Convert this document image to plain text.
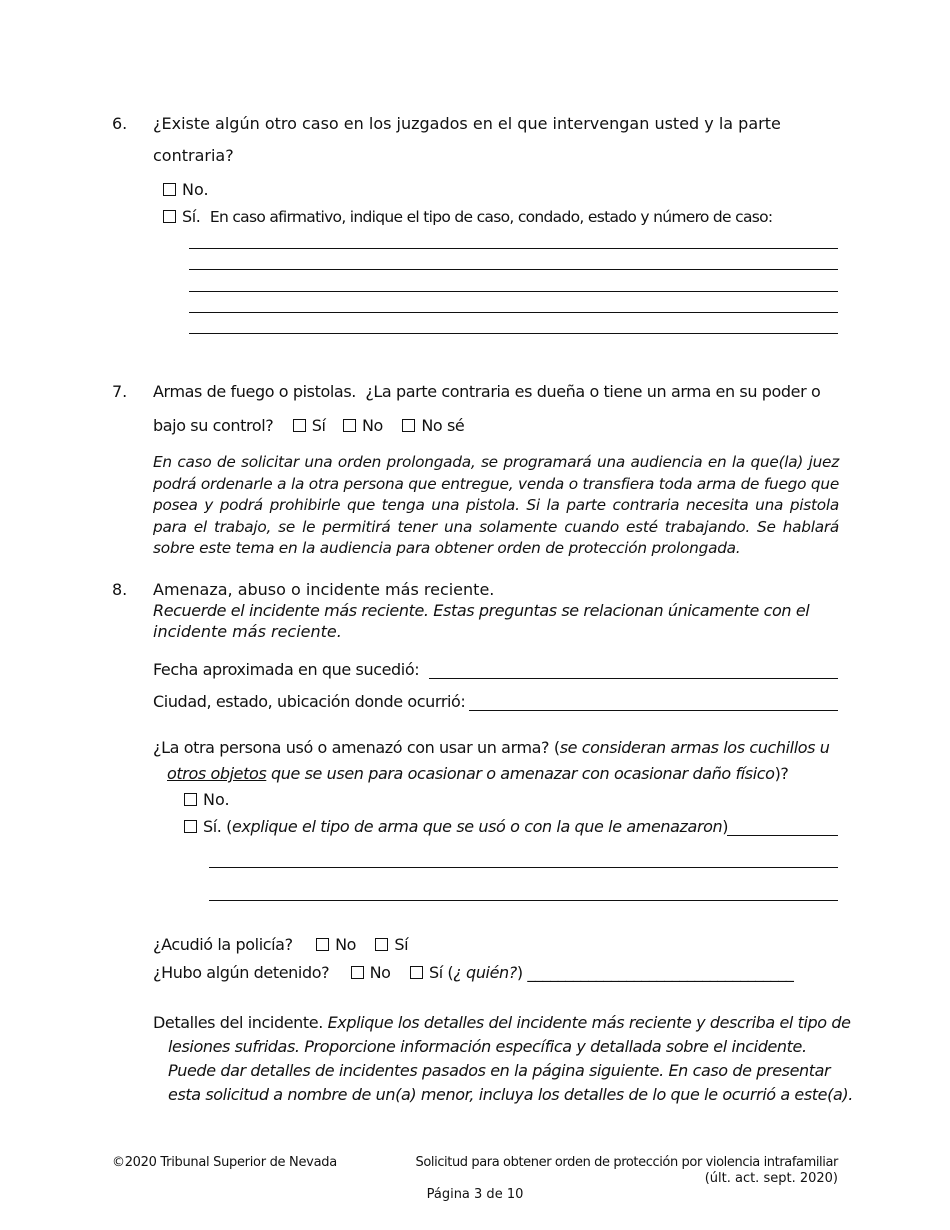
6. ¿Existe algún otro caso en los juzgados en el que intervengan usted y la parte
contraria?
No.
Sí. En caso afirmativo, indique el tipo de caso, condado, estado y número de caso:
7. Armas de fuego o pistolas. ¿La parte contraria es dueña o tiene un arma en su poder o
bajo su control? Sí No No sé
En caso de solicitar una orden prolongada, se programará una audiencia en la que(la) juez podrá ordenarle a la otra persona que entregue, venda o transfiera toda arma de fuego que posea y podrá prohibirle que tenga una pistola. Si la parte contraria necesita una pistola para el trabajo, se le permitirá tener una solamente cuando esté trabajando. Se hablará sobre este tema en la audiencia para obtener orden de protección prolongada.
8. Amenaza, abuso o incidente más reciente.
Recuerde el incidente más reciente. Estas preguntas se relacionan únicamente con el
incidente más reciente.
Fecha aproximada en que sucedió:
Ciudad, estado, ubicación donde ocurrió:
¿La otra persona usó o amenazó con usar un arma? (se consideran armas los cuchillos u
otros objetos que se usen para ocasionar o amenazar con ocasionar daño físico)?
No.
Sí. (explique el tipo de arma que se usó o con la que le amenazaron)
¿Acudió la policía?	No Sí
¿Hubo algún detenido?	No Sí (¿ quién?) ___________________________________
Detalles del incidente. Explique los detalles del incidente más reciente y describa el tipo de
lesiones sufridas. Proporcione información específica y detallada sobre el incidente.
Puede dar detalles de incidentes pasados en la página siguiente. En caso de presentar
esta solicitud a nombre de un(a) menor, incluya los detalles de lo que le ocurrió a este(a).
©2020 Tribunal Superior de Nevada	Solicitud para obtener orden de protección por violencia intrafamiliar
(últ. act. sept. 2020)
Página 3 de 10
